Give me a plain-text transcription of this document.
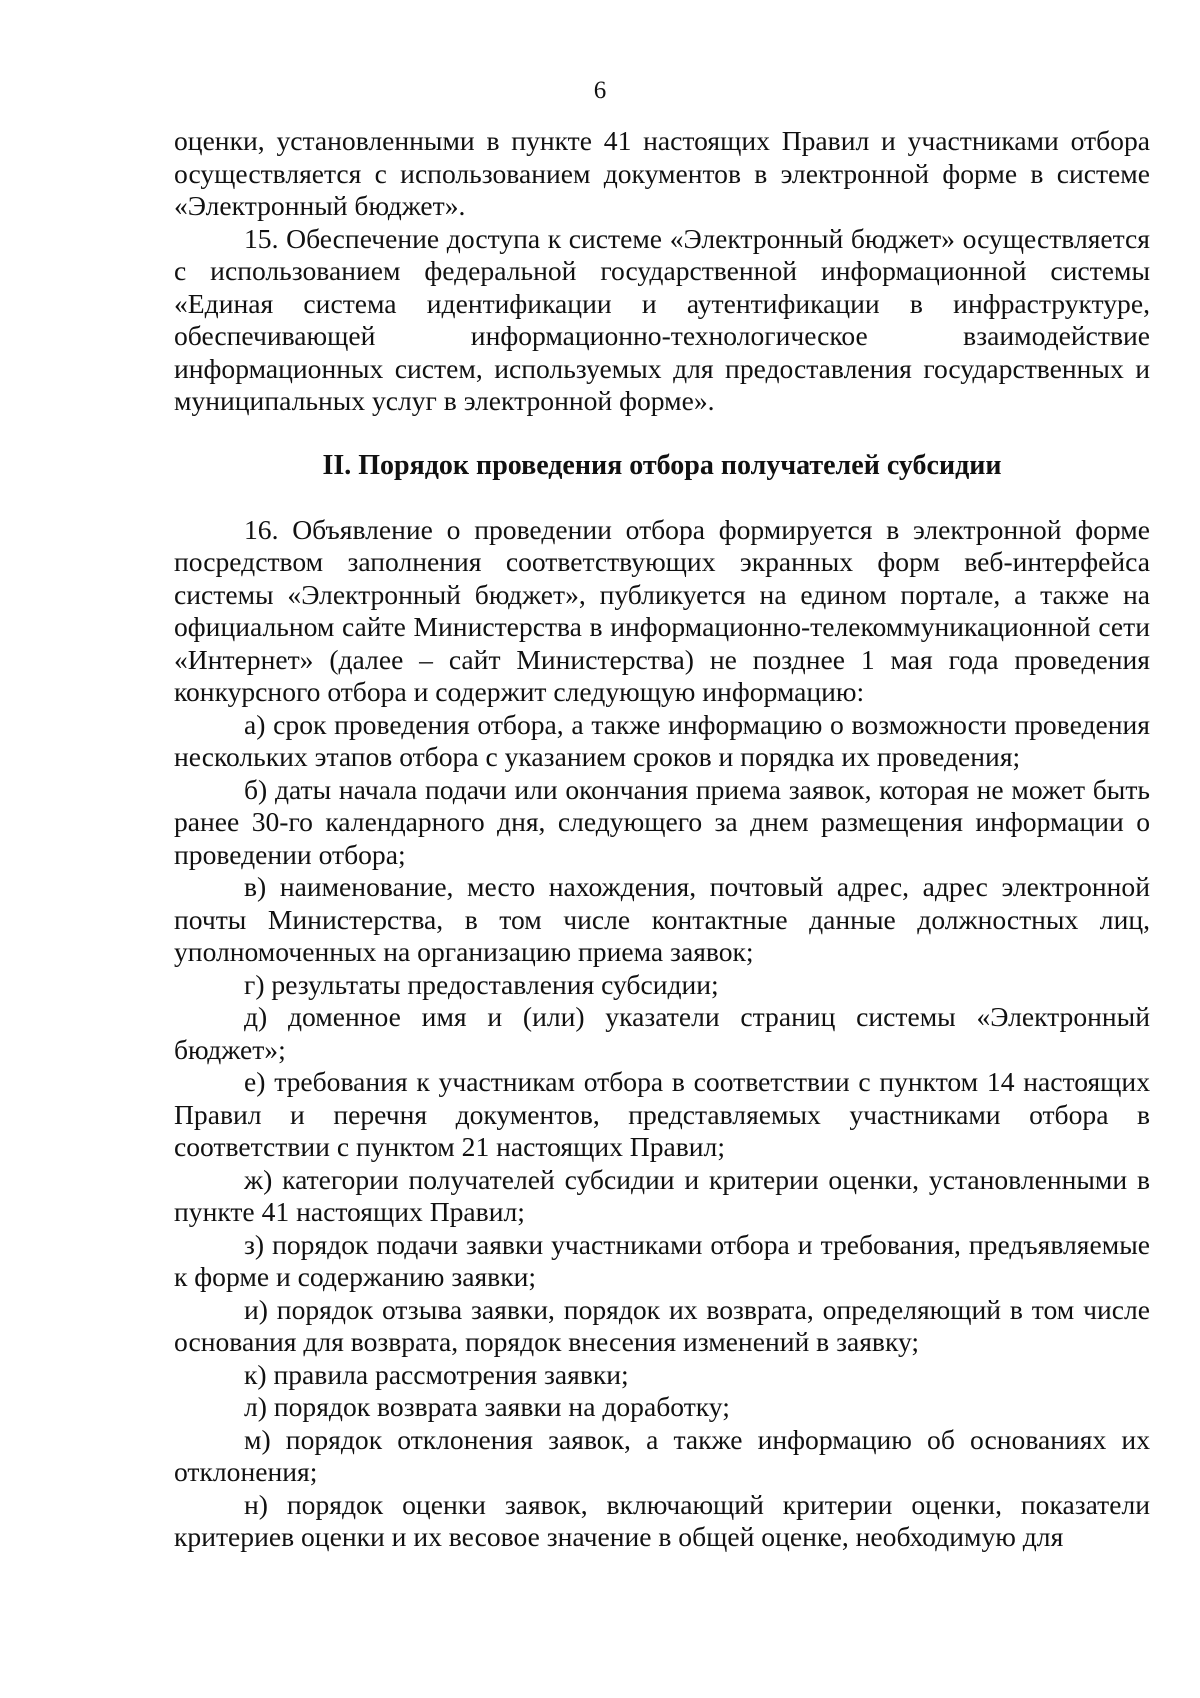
6

оценки, установленными в пункте 41 настоящих Правил и участниками отбора осуществляется с использованием документов в электронной форме в системе «Электронный бюджет».

15. Обеспечение доступа к системе «Электронный бюджет» осуществляется с использованием федеральной государственной информационной системы «Единая система идентификации и аутентификации в инфраструктуре, обеспечивающей информационно-технологическое взаимодействие информационных систем, используемых для предоставления государственных и муниципальных услуг в электронной форме».

II. Порядок проведения отбора получателей субсидии

16. Объявление о проведении отбора формируется в электронной форме посредством заполнения соответствующих экранных форм веб-интерфейса системы «Электронный бюджет», публикуется на едином портале, а также на официальном сайте Министерства в информационно-телекоммуникационной сети «Интернет» (далее – сайт Министерства) не позднее 1 мая года проведения конкурсного отбора и содержит следующую информацию:

а) срок проведения отбора, а также информацию о возможности проведения нескольких этапов отбора с указанием сроков и порядка их проведения;

б) даты начала подачи или окончания приема заявок, которая не может быть ранее 30-го календарного дня, следующего за днем размещения информации о проведении отбора;

в) наименование, место нахождения, почтовый адрес, адрес электронной почты Министерства, в том числе контактные данные должностных лиц, уполномоченных на организацию приема заявок;

г) результаты предоставления субсидии;

д) доменное имя и (или) указатели страниц системы «Электронный бюджет»;

е) требования к участникам отбора в соответствии с пунктом 14 настоящих Правил и перечня документов, представляемых участниками отбора в соответствии с пунктом 21 настоящих Правил;

ж) категории получателей субсидии и критерии оценки, установленными в пункте 41 настоящих Правил;

з) порядок подачи заявки участниками отбора и требования, предъявляемые к форме и содержанию заявки;

и) порядок отзыва заявки, порядок их возврата, определяющий в том числе основания для возврата, порядок внесения изменений в заявку;

к) правила рассмотрения заявки;

л) порядок возврата заявки на доработку;

м) порядок отклонения заявок, а также информацию об основаниях их отклонения;

н) порядок оценки заявок, включающий критерии оценки, показатели критериев оценки и их весовое значение в общей оценке, необходимую для
